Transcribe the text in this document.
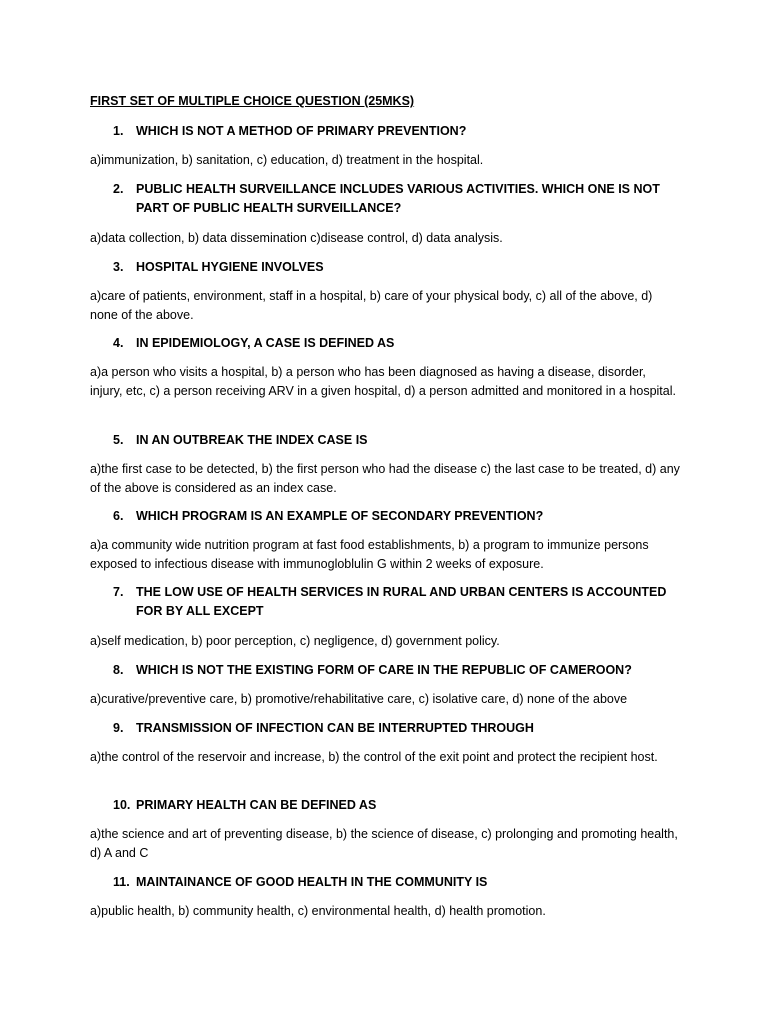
FIRST SET OF MULTIPLE CHOICE QUESTION (25MKS)
1. WHICH IS NOT A METHOD OF PRIMARY PREVENTION?
a)immunization, b) sanitation, c) education, d) treatment in the hospital.
2. PUBLIC HEALTH SURVEILLANCE INCLUDES VARIOUS ACTIVITIES. WHICH ONE IS NOT PART OF PUBLIC HEALTH SURVEILLANCE?
a)data collection, b) data dissemination c)disease control, d) data analysis.
3. HOSPITAL HYGIENE INVOLVES
a)care of patients, environment, staff in a hospital, b) care of your physical body, c) all of the above, d) none of the above.
4. IN EPIDEMIOLOGY, A CASE IS DEFINED AS
a)a person who visits a hospital, b) a person who has been diagnosed as having a disease, disorder, injury, etc, c) a person receiving ARV in a given hospital, d) a person admitted and monitored in a hospital.
5. IN AN OUTBREAK THE INDEX CASE IS
a)the first case to be detected, b) the first person who had the disease c) the last case to be treated, d) any of the above is considered as an index case.
6. WHICH PROGRAM IS AN EXAMPLE OF SECONDARY PREVENTION?
a)a community wide nutrition program at fast food establishments, b) a program to immunize persons exposed to infectious disease with immunogloblulin G within 2 weeks of exposure.
7. THE LOW USE OF HEALTH SERVICES IN RURAL AND URBAN CENTERS IS ACCOUNTED FOR BY ALL EXCEPT
a)self medication, b) poor perception, c) negligence, d) government policy.
8. WHICH IS NOT THE EXISTING FORM OF CARE IN THE REPUBLIC OF CAMEROON?
a)curative/preventive care, b) promotive/rehabilitative care, c) isolative care, d) none of the above
9. TRANSMISSION OF INFECTION CAN BE INTERRUPTED THROUGH
a)the control of the reservoir and increase, b) the control of the exit point and protect the recipient host.
10. PRIMARY HEALTH CAN BE DEFINED AS
a)the science and art of preventing disease, b) the science of disease, c) prolonging and promoting health, d) A and C
11. MAINTAINANCE OF GOOD HEALTH IN THE COMMUNITY IS
a)public health, b) community health, c) environmental health, d) health promotion.
